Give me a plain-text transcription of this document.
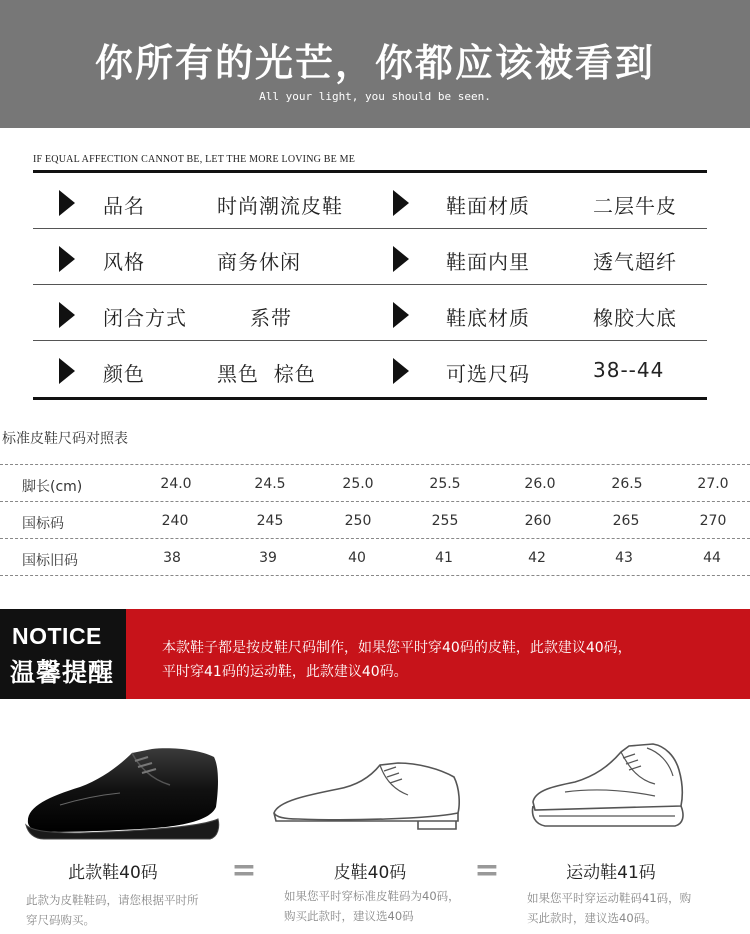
你所有的光芒，你都应该被看到
All your light, you should be seen.
IF EQUAL AFFECTION CANNOT BE, LET THE MORE LOVING BE ME
品名	时尚潮流皮鞋	鞋面材质	二层牛皮
风格	商务休闲	鞋面内里	透气超纤
闭合方式	系带	鞋底材质	橡胶大底
颜色	黑色  棕色	可选尺码	38--44
标准皮鞋尺码对照表
脚长(cm)	24.0	24.5	25.0	25.5	26.0	26.5	27.0
国标码	240	245	250	255	260	265	270
国标旧码	38	39	40	41	42	43	44
NOTICE
温馨提醒
本款鞋子都是按皮鞋尺码制作，如果您平时穿40码的皮鞋，此款建议40码，
平时穿41码的运动鞋，此款建议40码。
此款鞋40码 =	皮鞋40码 =	运动鞋41码
此款为皮鞋鞋码，请您根据平时所
穿尺码购买。
如果您平时穿标准皮鞋码为40码，
购买此款时，建议选40码
如果您平时穿运动鞋码41码，购
买此款时，建议选40码。
